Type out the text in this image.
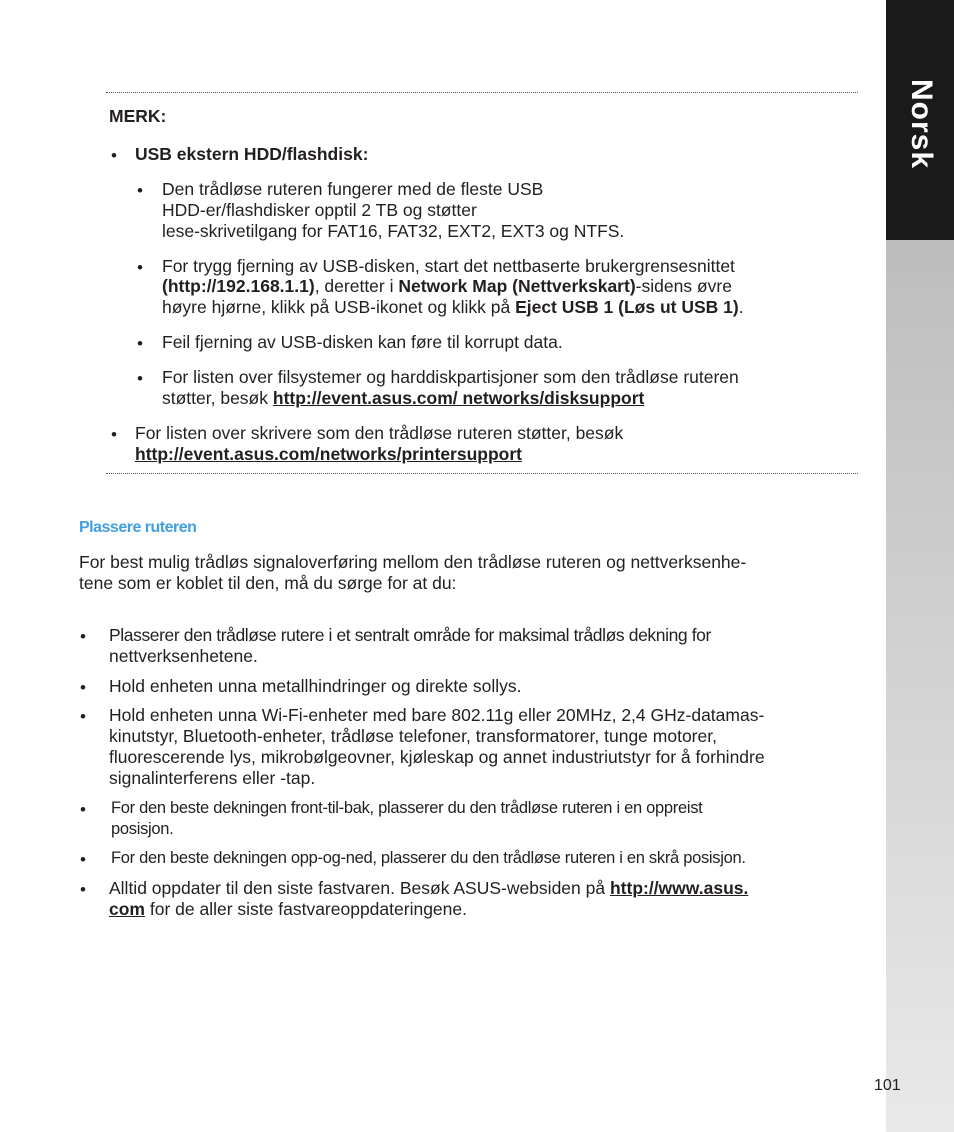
Norsk
MERK:
• USB ekstern HDD/flashdisk:
• Den trådløse ruteren fungerer med de fleste USB
HDD-er/flashdisker opptil 2 TB og støtter
lese-skrivetilgang for FAT16, FAT32, EXT2, EXT3 og NTFS.
• For trygg fjerning av USB-disken, start det nettbaserte brukergrensesnittet
(http://192.168.1.1), deretter i Network Map (Nettverkskart)-sidens øvre
høyre hjørne, klikk på USB-ikonet og klikk på Eject USB 1 (Løs ut USB 1).
• Feil fjerning av USB-disken kan føre til korrupt data.
• For listen over filsystemer og harddiskpartisjoner som den trådløse ruteren
støtter, besøk http://event.asus.com/ networks/disksupport
• For listen over skrivere som den trådløse ruteren støtter, besøk
http://event.asus.com/networks/printersupport
Plassere ruteren
For best mulig trådløs signaloverføring mellom den trådløse ruteren og nettverksenhe-
tene som er koblet til den, må du sørge for at du:
• Plasserer den trådløse rutere i et sentralt område for maksimal trådløs dekning for
nettverksenhetene.
• Hold enheten unna metallhindringer og direkte sollys.
• Hold enheten unna Wi-Fi-enheter med bare 802.11g eller 20MHz, 2,4 GHz-datamas-
kinutstyr, Bluetooth-enheter, trådløse telefoner, transformatorer, tunge motorer,
fluorescerende lys, mikrobølgeovner, kjøleskap og annet industriutstyr for å forhindre
signalinterferens eller -tap.
• For den beste dekningen front-til-bak, plasserer du den trådløse ruteren i en oppreist
posisjon.
• For den beste dekningen opp-og-ned, plasserer du den trådløse ruteren i en skrå posisjon.
• Alltid oppdater til den siste fastvaren. Besøk ASUS-websiden på http://www.asus.
com for de aller siste fastvareoppdateringene.
101
